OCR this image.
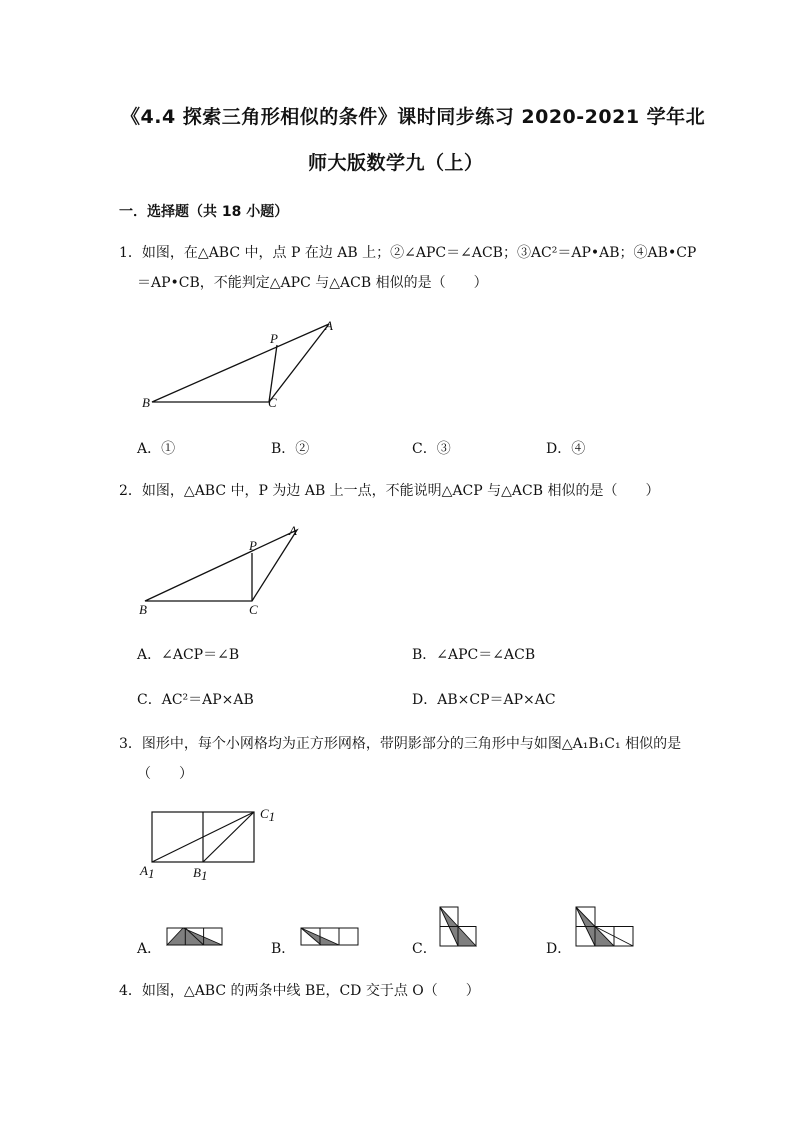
《4.4 探索三角形相似的条件》课时同步练习 2020-2021 学年北
师大版数学九（上）
一．选择题（共 18 小题）
1．如图，在△ABC 中，点 P 在边 AB 上；②∠APC＝∠ACB；③AC²＝AP•AB；④AB•CP
＝AP•CB，不能判定△APC 与△ACB 相似的是（　　）
A
B	C
P
A．①	B．②	C．③	D．④
2．如图，△ABC 中，P 为边 AB 上一点，不能说明△ACP 与△ACB 相似的是（　　）
A
B	C
P
A．∠ACP＝∠B	B．∠APC＝∠ACB
C．AC²＝AP×AB	D．AB×CP＝AP×AC
3．图形中，每个小网格均为正方形网格，带阴影部分的三角形中与如图△A₁B₁C₁ 相似的是
（　　）
C1
A1	B1
A．	B．	C．	D．
4．如图，△ABC 的两条中线 BE，CD 交于点 O（　　）
